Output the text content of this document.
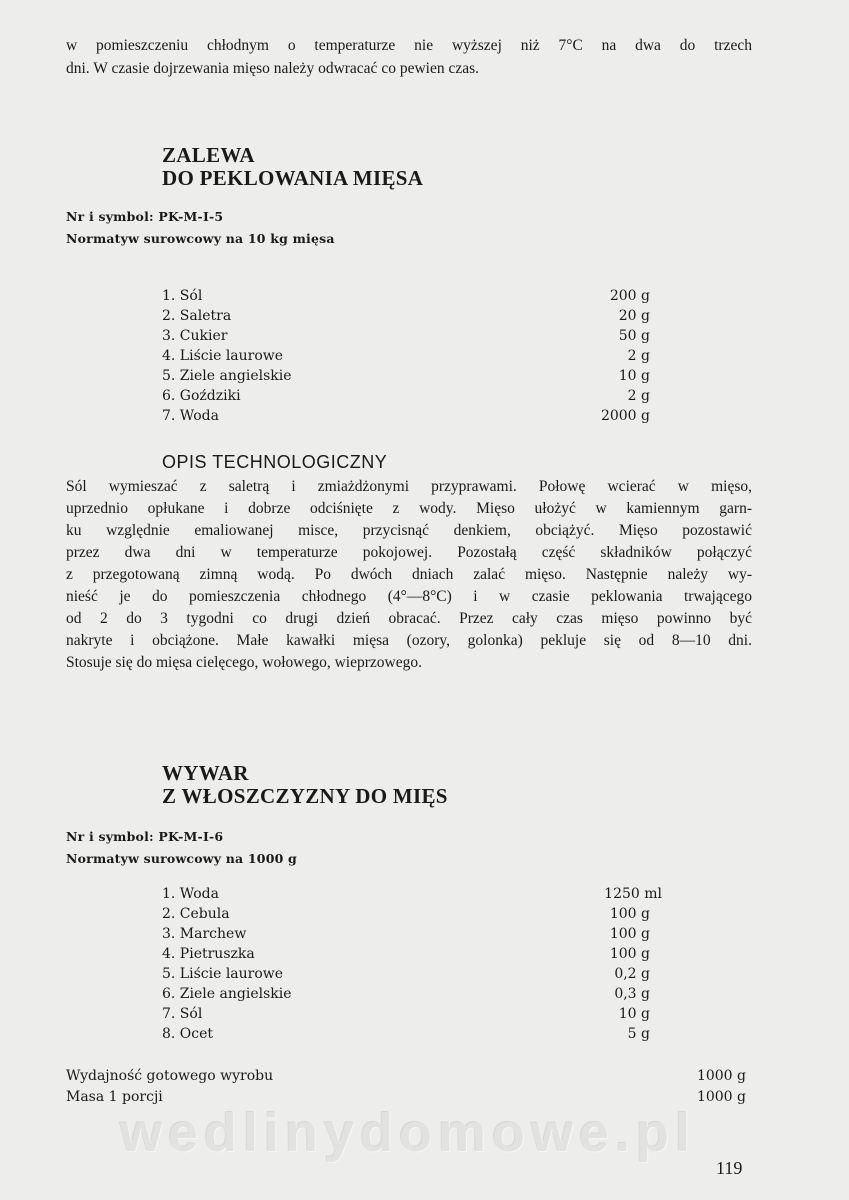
w pomieszczeniu chłodnym o temperaturze nie wyższej niż 7°C na dwa do trzech
dni. W czasie dojrzewania mięso należy odwracać co pewien czas.
ZALEWA
DO PEKLOWANIA MIĘSA
Nr i symbol: PK-M-I-5
Normatyw surowcowy na 10 kg mięsa
1. Sól	200 g
2. Saletra	20 g
3. Cukier	50 g
4. Liście laurowe	2 g
5. Ziele angielskie	10 g
6. Goździki	2 g
7. Woda	2000 g
OPIS TECHNOLOGICZNY
Sól wymieszać z saletrą i zmiażdżonymi przyprawami. Połowę wcierać w mięso,
uprzednio opłukane i dobrze odciśnięte z wody. Mięso ułożyć w kamiennym garn-
ku względnie emaliowanej misce, przycisnąć denkiem, obciążyć. Mięso pozostawić
przez dwa dni w temperaturze pokojowej. Pozostałą część składników połączyć
z przegotowaną zimną wodą. Po dwóch dniach zalać mięso. Następnie należy wy-
nieść je do pomieszczenia chłodnego (4°—8°C) i w czasie peklowania trwającego
od 2 do 3 tygodni co drugi dzień obracać. Przez cały czas mięso powinno być
nakryte i obciążone. Małe kawałki mięsa (ozory, golonka) pekluje się od 8—10 dni.
Stosuje się do mięsa cielęcego, wołowego, wieprzowego.
WYWAR
Z WŁOSZCZYZNY DO MIĘS
Nr i symbol: PK-M-I-6
Normatyw surowcowy na 1000 g
1. Woda	1250 ml
2. Cebula	100 g
3. Marchew	100 g
4. Pietruszka	100 g
5. Liście laurowe	0,2 g
6. Ziele angielskie	0,3 g
7. Sól	10 g
8. Ocet	5 g
Wydajność gotowego wyrobu	1000 g
Masa 1 porcji	1000 g
wedlinydomowe.pl
119
